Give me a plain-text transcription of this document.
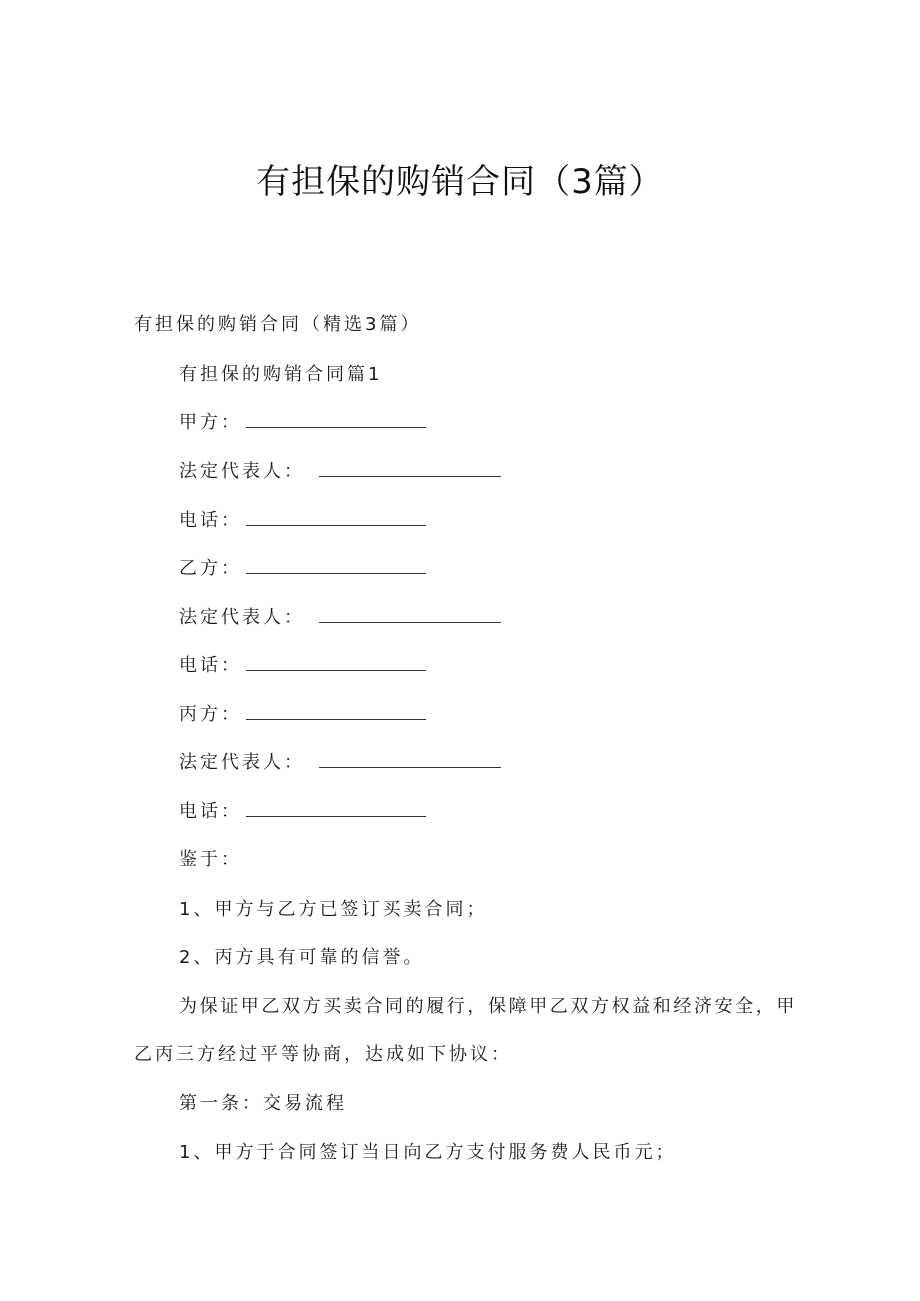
有担保的购销合同（3篇）
有担保的购销合同（精选3篇）
有担保的购销合同篇1
甲方：
法定代表人：
电话：
乙方：
法定代表人：
电话：
丙方：
法定代表人：
电话：
鉴于：
1、甲方与乙方已签订买卖合同；
2、丙方具有可靠的信誉。
为保证甲乙双方买卖合同的履行，保障甲乙双方权益和经济安全，甲
乙丙三方经过平等协商，达成如下协议：
第一条：交易流程
1、甲方于合同签订当日向乙方支付服务费人民币元；
